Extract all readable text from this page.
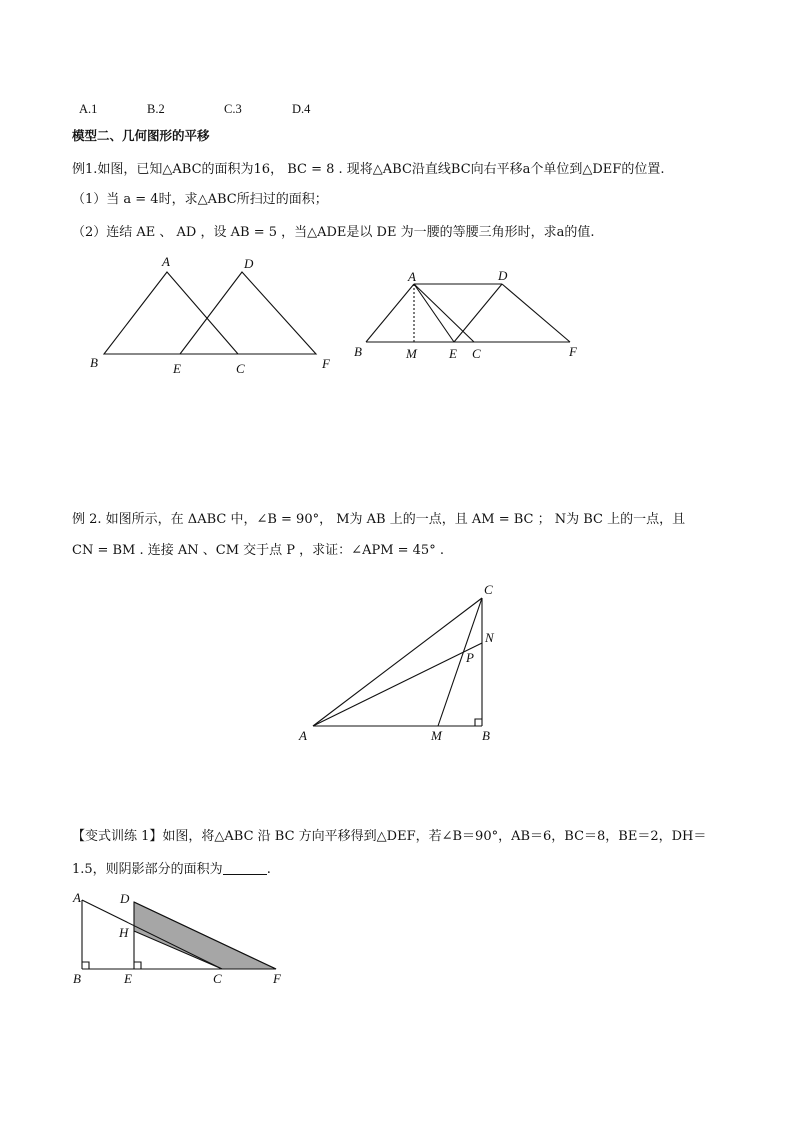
A.1	B.2	C.3	D.4
模型二、几何图形的平移
例1.如图，已知△ABC的面积为16， BC = 8 . 现将△ABC沿直线BC向右平移a个单位到△DEF的位置.
（1）当 a = 4时，求△ABC所扫过的面积；
（2）连结 AE 、 AD ，设 AB = 5 ，当△ADE是以 DE 为一腰的等腰三角形时，求a的值.
A	D
B	E	C	F
A	D
B	M E C	F
例 2. 如图所示，在 ΔABC 中，∠B = 90°， M为 AB 上的一点，且 AM = BC ； N为 BC 上的一点，且
CN = BM . 连接 AN 、CM 交于点 P ，求证：∠APM = 45° .
C
N
P
A	M	B
【变式训练 1】如图，将△ABC 沿 BC 方向平移得到△DEF，若∠B＝90°，AB＝6，BC＝8，BE＝2，DH＝
1.5，则阴影部分的面积为	.
A	D
H
B	E	C	F
